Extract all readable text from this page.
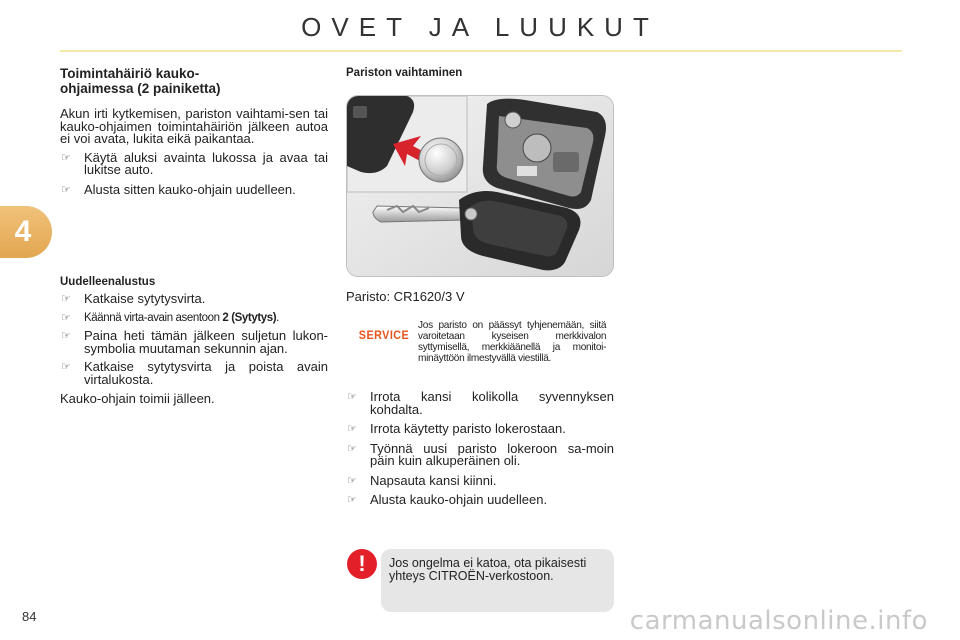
OVET JA LUUKUT
4
84
Toimintahäiriö kauko-
ohjaimessa (2 painiketta)
Akun irti kytkemisen, pariston vaihtami-sen tai kauko-ohjaimen toimintahäiriön jälkeen autoa ei voi avata, lukita eikä paikantaa.
☞ Käytä aluksi avainta lukossa ja avaa tai lukitse auto.
☞ Alusta sitten kauko-ohjain uudelleen.
Uudelleenalustus
☞ Katkaise sytytysvirta.
☞ Käännä virta-avain asentoon 2 (Sytytys).
☞ Paina heti tämän jälkeen suljetun lukon-symbolia muutaman sekunnin ajan.
☞ Katkaise sytytysvirta ja poista avain virtalukosta.
Kauko-ohjain toimii jälleen.
Pariston vaihtaminen
Paristo: CR1620/3 V
SERVICE
Jos paristo on päässyt tyhjenemään, siitä varoitetaan kyseisen merkkivalon syttymisellä, merkkiäänellä ja monitoi-minäyttöön ilmestyvällä viestillä.
☞ Irrota kansi kolikolla syvennyksen kohdalta.
☞ Irrota käytetty paristo lokerostaan.
☞ Työnnä uusi paristo lokeroon sa-moin päin kuin alkuperäinen oli.
☞ Napsauta kansi kiinni.
☞ Alusta kauko-ohjain uudelleen.
!	Jos ongelma ei katoa, ota pikaisesti yhteys CITROËN-verkostoon.
carmanualsonline.info
